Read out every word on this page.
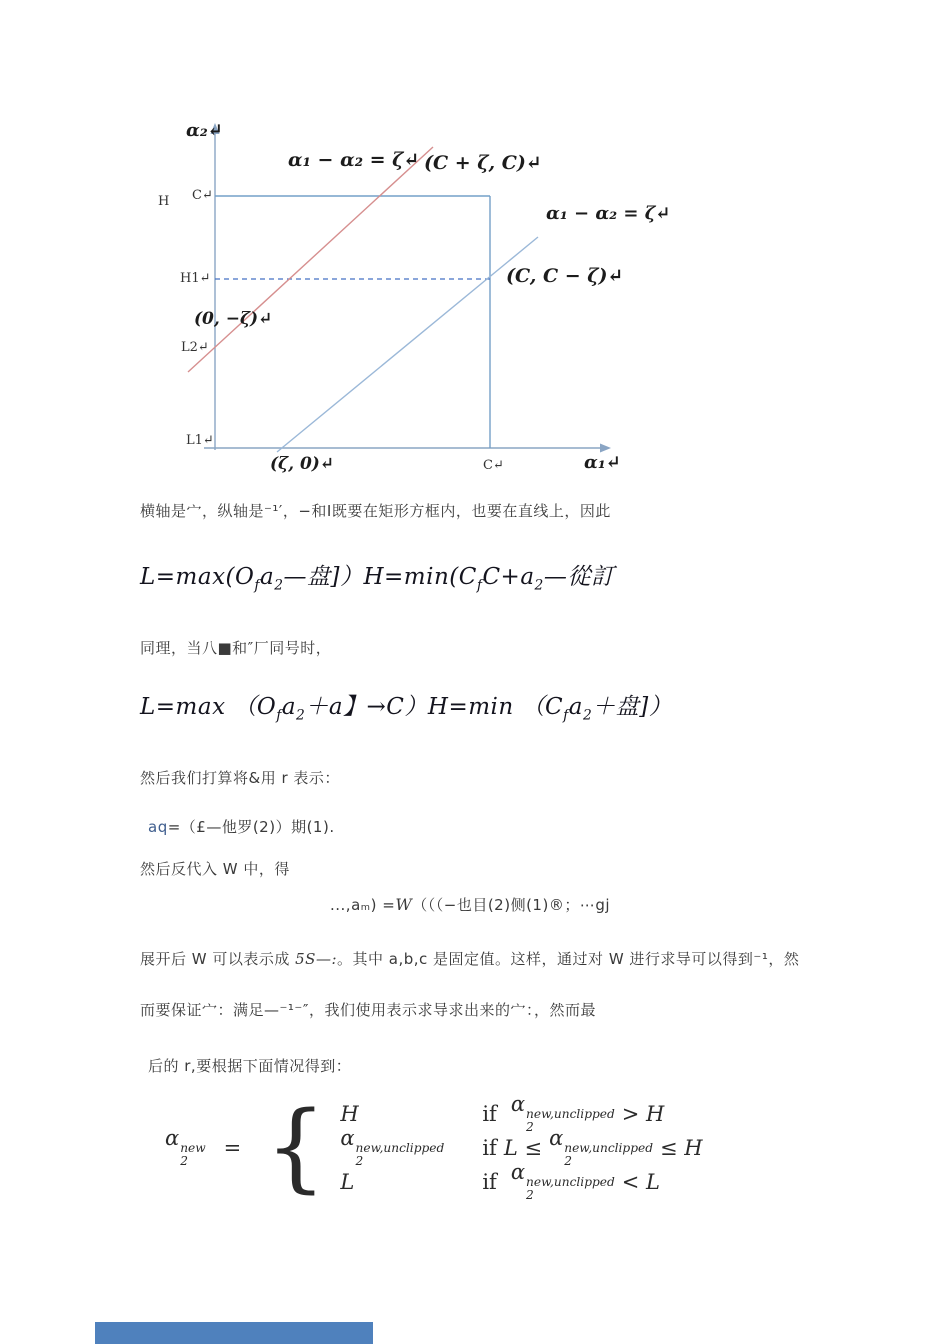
α₂↵
H C↵
α₁ − α₂ = ζ↵ (C + ζ, C)↵
α₁ − α₂ = ζ↵
H1↵	(C, C − ζ)↵
(0, −ζ)↵
L2↵
L1↵
(ζ, 0)↵	C↵	α₁↵
横轴是宀，纵轴是⁻¹′，−和Ⅰ既要在矩形方框内，也要在直线上，因此
$L=\max(O_fa_2—$盘]）$H=\min(C_fC+a_2—$從訂
同理，当八■和″厂同号时，
L=max （$O_fa_2+a$】→C）H=min （$C_fa_2+$盘]）
然后我们打算将&用 r 表示：
aq=（£—他罗(2)）期(1).
然后反代入 W 中，得
...,aₘ) =W（（（−也目(2)侧(1)®；⋯gj
展开后 W 可以表示成 5S—:。其中 a,b,c 是固定值。这样，通过对 W 进行求导可以得到⁻¹，然
而要保证宀：满足—⁻¹⁻″，我们使用表示求导求出来的宀：，然而最
后的 r,要根据下面情况得到：
α new
2
= { H	if α new,unclipped
2
> H
α new,unclipped
2
if L ≤ α new,unclipped
2
≤ H
L	if α new,unclipped
2
< L
